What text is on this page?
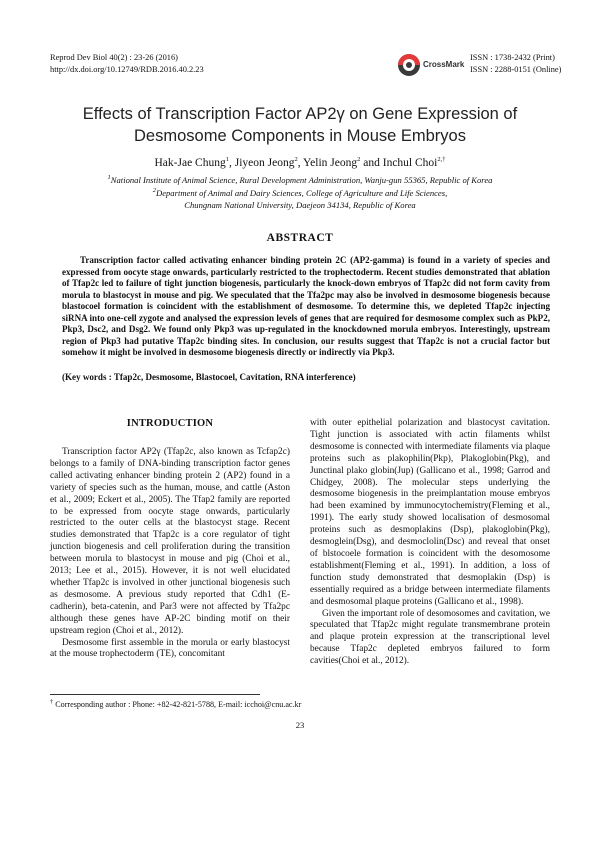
Reprod Dev Biol 40(2) : 23-26 (2016)
http://dx.doi.org/10.12749/RDB.2016.40.2.23
CrossMark
ISSN : 1738-2432 (Print)
ISSN : 2288-0151 (Online)
Effects of Transcription Factor AP2γ on Gene Expression of
Desmosome Components in Mouse Embryos
Hak-Jae Chung$^1$, Jiyeon Jeong$^2$, Yelin Jeong$^2$ and Inchul Choi$^{2,\dagger}$
$^1$National Institute of Animal Science, Rural Development Administration, Wanju-gun 55365, Republic of Korea
$^2$Department of Animal and Dairy Sciences, College of Agriculture and Life Sciences,
Chungnam National University, Daejeon 34134, Republic of Korea
ABSTRACT

Transcription factor called activating enhancer binding protein 2C (AP2-gamma) is found in a variety of species and expressed from oocyte stage onwards, particularly restricted to the trophectoderm. Recent studies demonstrated that ablation of Tfap2c led to failure of tight junction biogenesis, particularly the knock-down embryos of Tfap2c did not form cavity from morula to blastocyst in mouse and pig. We speculated that the Tfa2pc may also be involved in desmosome biogenesis because blastocoel formation is coincident with the establishment of desmosome. To determine this, we depleted Tfap2c injecting siRNA into one-cell zygote and analysed the expression levels of genes that are required for desmosome complex such as PkP2, Pkp3, Dsc2, and Dsg2. We found only Pkp3 was up-regulated in the knockdowned morula embryos. Interestingly, upstream region of Pkp3 had putative Tfap2c binding sites. In conclusion, our results suggest that Tfap2c is not a crucial factor but somehow it might be involved in desmosome biogenesis directly or indirectly via Pkp3.

(Key words : Tfap2c, Desmosome, Blastocoel, Cavitation, RNA interference)
INTRODUCTION

Transcription factor AP2γ (Tfap2c, also known as Tcfap2c) belongs to a family of DNA-binding transcription factor genes called activating enhancer binding protein 2 (AP2) found in a variety of species such as the human, mouse, and cattle (Aston et al., 2009; Eckert et al., 2005). The Tfap2 family are reported to be expressed from oocyte stage onwards, particularly restricted to the outer cells at the blastocyst stage. Recent studies demonstrated that Tfap2c is a core regulator of tight junction biogenesis and cell proliferation during the transition between morula to blastocyst in mouse and pig (Choi et al., 2013; Lee et al., 2015). However, it is not well elucidated whether Tfap2c is involved in other junctional biogenesis such as desmosome. A previous study reported that Cdh1 (E-cadherin), beta-catenin, and Par3 were not affected by Tfa2pc although these genes have AP-2C binding motif on their upstream region (Choi et al., 2012).

Desmosome first assemble in the morula or early blastocyst at the mouse trophectoderm (TE), concomitant

with outer epithelial polarization and blastocyst cavitation. Tight junction is associated with actin filaments whilst desmosome is connected with intermediate filaments via plaque proteins such as plakophilin(Pkp), Plakoglobin(Pkg), and Junctinal plako globin(Jup) (Gallicano et al., 1998; Garrod and Chidgey, 2008). The molecular steps underlying the desmosome biogenesis in the preimplantation mouse embryos had been examined by immunocytochemistry(Fleming et al., 1991). The early study showed localisation of desmosomal proteins such as desmoplakins (Dsp), plakoglobin(Pkg), desmoglein(Dsg), and desmoclolin(Dsc) and reveal that onset of blstocoele formation is coincident with the desomosome establishment(Fleming et al., 1991). In addition, a loss of function study demonstrated that desmoplakin (Dsp) is essentially required as a bridge between intermediate filaments and desmosomal plaque proteins (Gallicano et al., 1998).

Given the important role of desomosomes and cavitation, we speculated that Tfap2c might regulate transmembrane protein and plaque protein expression at the transcriptional level because Tfap2c depleted embryos failured to form cavities(Choi et al., 2012).

† Corresponding author : Phone: +82-42-821-5788, E-mail: icchoi@cnu.ac.kr
23
